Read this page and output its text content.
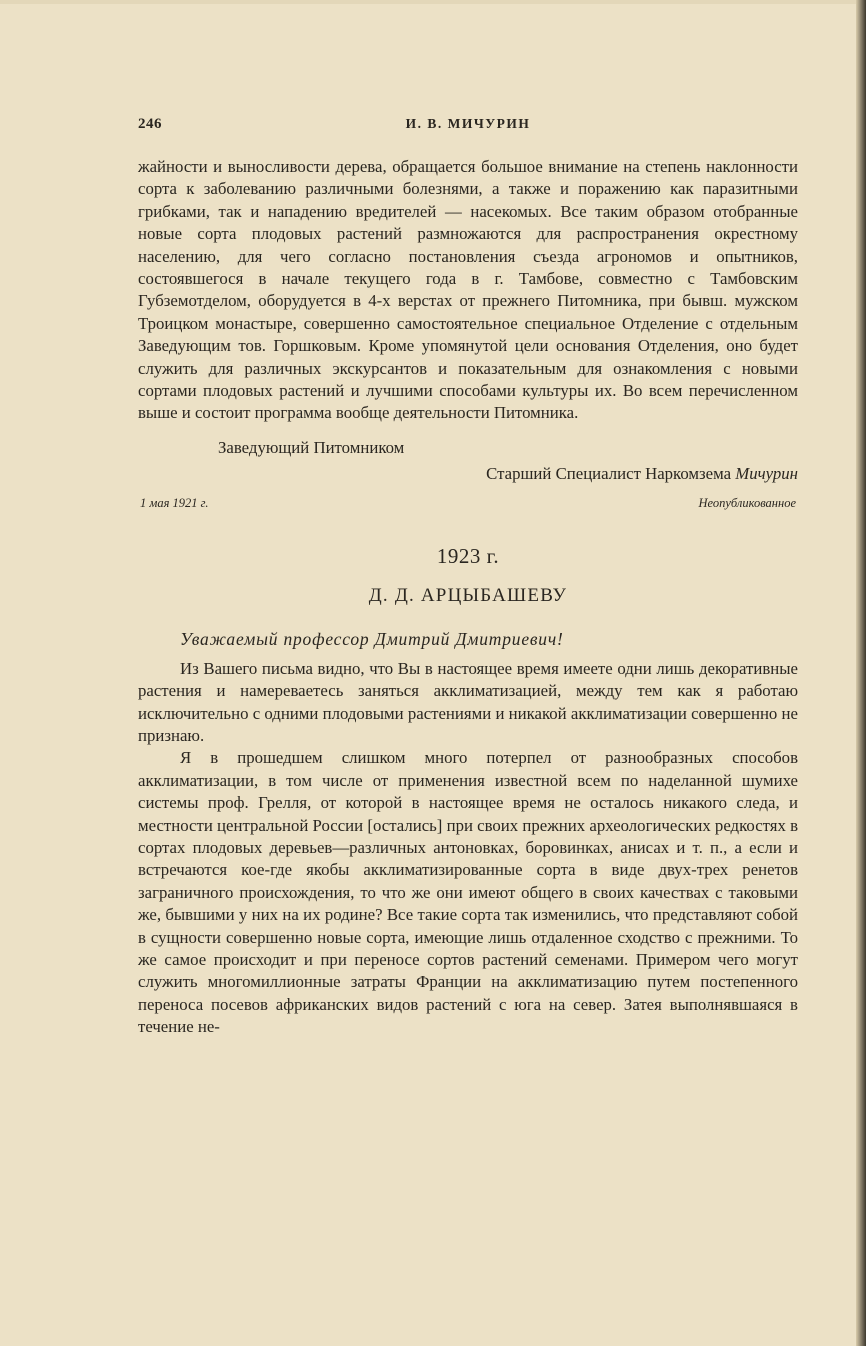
246	И. В. МИЧУРИН

жайности и выносливости дерева, обращается большое внимание на степень наклонности сорта к заболеванию различными болезнями, а также и поражению как паразитными грибками, так и нападению вредителей — насекомых. Все таким образом отобранные новые сорта плодовых растений размножаются для распространения окрестному населению, для чего согласно постановления съезда агрономов и опытников, состоявшегося в начале текущего года в г. Тамбове, совместно с Тамбовским Губземотделом, оборудуется в 4-х верстах от прежнего Питомника, при бывш. мужском Троицком монастыре, совершенно самостоятельное специальное Отделение с отдельным Заведующим тов. Горшковым. Кроме упомянутой цели основания Отделения, оно будет служить для различных экскурсантов и показательным для ознакомления с новыми сортами плодовых растений и лучшими способами культуры их. Во всем перечисленном выше и состоит программа вообще деятельности Питомника.

Заведующий Питомником
Старший Специалист Наркомзема Мичурин
1 мая 1921 г.	Неопубликованное
1923 г.
Д. Д. АРЦЫБАШЕВУ
Уважаемый профессор Дмитрий Дмитриевич!

Из Вашего письма видно, что Вы в настоящее время имеете одни лишь декоративные растения и намереваетесь заняться акклиматизацией, между тем как я работаю исключительно с одними плодовыми растениями и никакой акклиматизации совершенно не признаю.

Я в прошедшем слишком много потерпел от разнообразных способов акклиматизации, в том числе от применения известной всем по наделанной шумихе системы проф. Грелля, от которой в настоящее время не осталось никакого следа, и местности центральной России [остались] при своих прежних археологических редкостях в сортах плодовых деревьев—различных антоновках, боровинках, анисах и т. п., а если и встречаются кое-где якобы акклиматизированные сорта в виде двух-трех ренетов заграничного происхождения, то что же они имеют общего в своих качествах с таковыми же, бывшими у них на их родине? Все такие сорта так изменились, что представляют собой в сущности совершенно новые сорта, имеющие лишь отдаленное сходство с прежними. То же самое происходит и при переносе сортов растений семенами. Примером чего могут служить многомиллионные затраты Франции на акклиматизацию путем постепенного переноса посевов африканских видов растений с юга на север. Затея выполнявшаяся в течение не-
